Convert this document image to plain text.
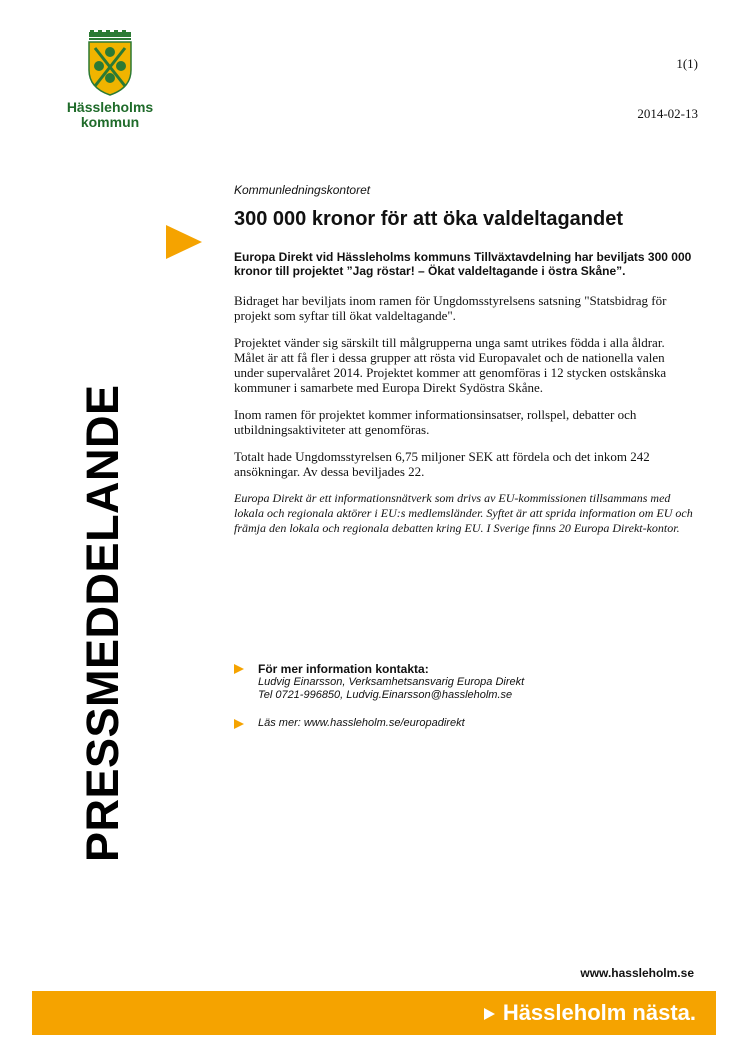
Hässleholms
kommun
1(1)
2014-02-13
PRESSMEDDELANDE

Kommunledningskontoret

300 000 kronor för att öka valdeltagandet

Europa Direkt vid Hässleholms kommuns Tillväxtavdelning har beviljats 300 000 kronor till projektet ”Jag röstar! – Ökat valdeltagande i östra Skåne”.

Bidraget har beviljats inom ramen för Ungdomsstyrelsens satsning "Statsbidrag för projekt som syftar till ökat valdeltagande".

Projektet vänder sig särskilt till målgrupperna unga samt utrikes födda i alla åldrar. Målet är att få fler i dessa grupper att rösta vid Europavalet och de nationella valen under supervalåret 2014. Projektet kommer att genomföras i 12 stycken ostskånska kommuner i samarbete med Europa Direkt Sydöstra Skåne.

Inom ramen för projektet kommer informationsinsatser, rollspel, debatter och utbildningsaktiviteter att genomföras.

Totalt hade Ungdomsstyrelsen 6,75 miljoner SEK att fördela och det inkom 242 ansökningar. Av dessa beviljades 22.

Europa Direkt är ett informationsnätverk som drivs av EU-kommissionen tillsammans med lokala och regionala aktörer i EU:s medlemsländer. Syftet är att sprida information om EU och främja den lokala och regionala debatten kring EU. I Sverige finns 20 Europa Direkt-kontor.

För mer information kontakta:
Ludvig Einarsson, Verksamhetsansvarig Europa Direkt
Tel 0721-996850, Ludvig.Einarsson@hassleholm.se
Läs mer: www.hassleholm.se/europadirekt
www.hassleholm.se
Hässleholm nästa.
